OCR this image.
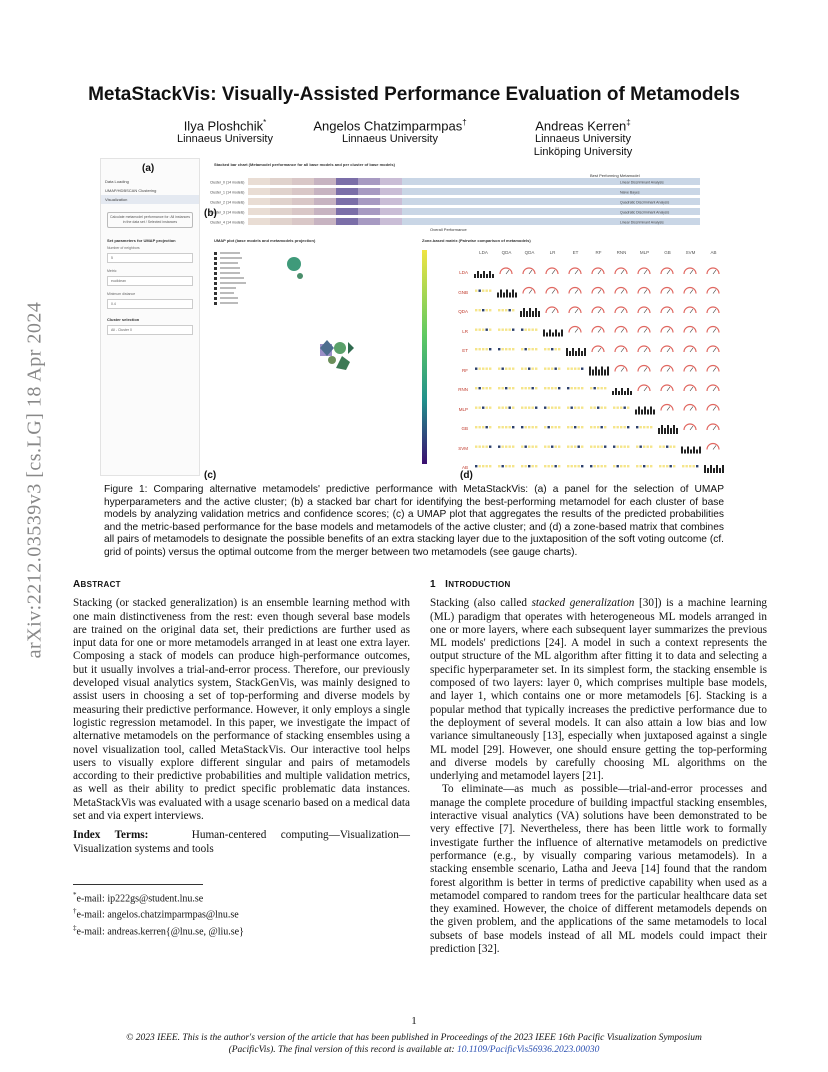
arXiv:2212.03539v3 [cs.LG] 18 Apr 2024
MetaStackVis: Visually-Assisted Performance Evaluation of Metamodels
Ilya Ploshchik*
Linnaeus University
Angelos Chatzimparmpas†
Linnaeus University
Andreas Kerren‡
Linnaeus University
Linköping University
Data Loading
UMAP/HDBSCAN Clustering
Visualization
Calculate metamodel performance for: All instances in the data set / Selected instances
Set parameters for UMAP projection
Number of neighbors
5
Metric
euclidean
Minimum distance
0.4
Cluster selection
All - Cluster 0
(a)
(b)
(c)	(d)
Stacked bar chart (Metamodel performance for all base models and per cluster of base models)
Cluster_0 (14 models)	Linear Discriminant Analysis
Cluster_1 (14 models)	Naive Bayes
Cluster_2 (14 models)	Quadratic Discriminant Analysis
Cluster_3 (14 models)	Quadratic Discriminant Analysis
Cluster_4 (14 models)	Linear Discriminant Analysis
Overall Performance
Best Performing Metamodel
UMAP plot (base models and metamodels projection)	Zone-based matrix (Pairwise comparison of metamodels)
LDA	QDA	QDA	LR	ET	RF	RNN	MLP	GB	SVM	AB
LDA
GNB
QDA
LR
ET
RF
RNN
MLP
GB
SVM
AB
Figure 1: Comparing alternative metamodels' predictive performance with MetaStackVis: (a) a panel for the selection of UMAP hyperparameters and the active cluster; (b) a stacked bar chart for identifying the best-performing metamodel for each cluster of base models by analyzing validation metrics and confidence scores; (c) a UMAP plot that aggregates the results of the predicted probabilities and the metric-based performance for the base models and metamodels of the active cluster; and (d) a zone-based matrix that combines all pairs of metamodels to designate the possible benefits of an extra stacking layer due to the juxtaposition of the soft voting outcome (cf. grid of points) versus the optimal outcome from the merger between two metamodels (see gauge charts).
ABSTRACT

Stacking (or stacked generalization) is an ensemble learning method with one main distinctiveness from the rest: even though several base models are trained on the original data set, their predictions are further used as input data for one or more metamodels arranged in at least one extra layer. Composing a stack of models can produce high-performance outcomes, but it usually involves a trial-and-error process. Therefore, our previously developed visual analytics system, StackGenVis, was mainly designed to assist users in choosing a set of top-performing and diverse models by measuring their predictive performance. However, it only employs a single logistic regression metamodel. In this paper, we investigate the impact of alternative metamodels on the performance of stacking ensembles using a novel visualization tool, called MetaStackVis. Our interactive tool helps users to visually explore different singular and pairs of metamodels according to their predictive probabilities and multiple validation metrics, as well as their ability to predict specific problematic data instances. MetaStackVis was evaluated with a usage scenario based on a medical data set and via expert interviews.

Index Terms:	Human-centered computing—Visualization—Visualization systems and tools

*e-mail: ip222gs@student.lnu.se
†e-mail: angelos.chatzimparmpas@lnu.se
‡e-mail: andreas.kerren{@lnu.se, @liu.se}
1 INTRODUCTION

Stacking (also called stacked generalization [30]) is a machine learning (ML) paradigm that operates with heterogeneous ML models arranged in one or more layers, where each subsequent layer summarizes the previous ML models' predictions [24]. A model in such a context represents the output structure of the ML algorithm after fitting it to data and selecting a specific hyperparameter set. In its simplest form, the stacking ensemble is composed of two layers: layer 0, which comprises multiple base models, and layer 1, which contains one or more metamodels [6]. Stacking is a popular method that typically increases the predictive performance due to the deployment of several models. It can also attain a low bias and low variance simultaneously [13], especially when juxtaposed against a single ML model [29]. However, one should ensure getting the top-performing and diverse models by carefully choosing ML algorithms on the underlying and metamodel layers [21].

To eliminate—as much as possible—trial-and-error processes and manage the complete procedure of building impactful stacking ensembles, interactive visual analytics (VA) solutions have been demonstrated to be very effective [7]. Nevertheless, there has been little work to formally investigate further the influence of alternative metamodels on predictive performance (e.g., by visually comparing various metamodels). In a stacking ensemble scenario, Latha and Jeeva [14] found that the random forest algorithm is better in terms of predictive capability when used as a metamodel compared to random trees for the particular healthcare data set they examined. However, the choice of different metamodels depends on the given problem, and the applications of the same metamodels to local subsets of base models instead of all ML models could impact their prediction [32].

1
© 2023 IEEE. This is the author's version of the article that has been published in Proceedings of the 2023 IEEE 16th Pacific Visualization Symposium (PacificVis). The final version of this record is available at: 10.1109/PacificVis56936.2023.00030
